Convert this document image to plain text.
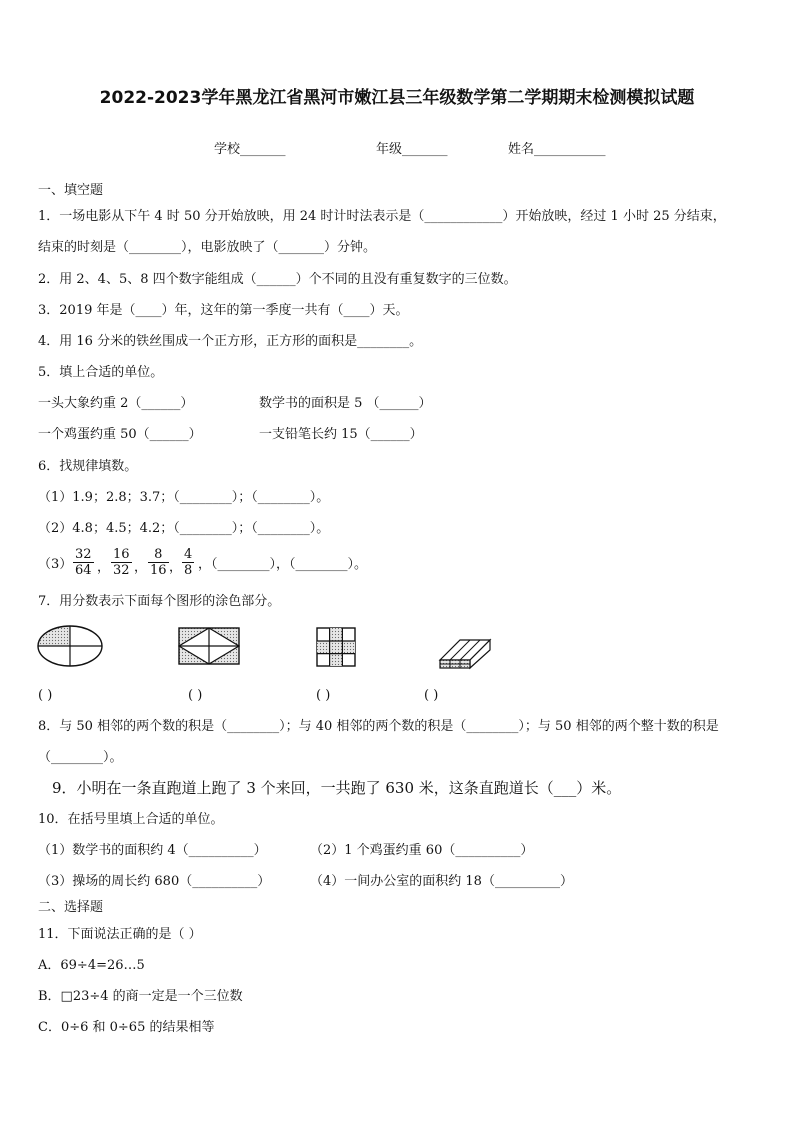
2022-2023学年黑龙江省黑河市嫩江县三年级数学第二学期期末检测模拟试题
学校_______	年级_______	姓名___________
一、填空题
1．一场电影从下午 4 时 50 分开始放映，用 24 时计时法表示是（____________）开始放映，经过 1 小时 25 分结束，
结束的时刻是（________），电影放映了（_______）分钟。
2．用 2、4、5、8 四个数字能组成（______）个不同的且没有重复数字的三位数。
3．2019 年是（____）年，这年的第一季度一共有（____）天。
4．用 16 分米的铁丝围成一个正方形，正方形的面积是________。
5．填上合适的单位。
一头大象约重 2（______）	数学书的面积是 5 （______）
一个鸡蛋约重 50（______）	一支铅笔长约 15（______）
6．找规律填数。
（1）1.9；2.8；3.7；（________）；（________）。
（2）4.8；4.5；4.2；（________）；（________）。
$(3) \frac{32}{64}$ ， $\frac{16}{32}$ ， $\frac{8}{16}$ ， $\frac{4}{8}$ ，（________），（________）。
7．用分数表示下面每个图形的涂色部分。
( )	( )	( )	( )
8．与 50 相邻的两个数的积是（________）；与 40 相邻的两个数的积是（________）；与 50 相邻的两个整十数的积是
（________）。
9．小明在一条直跑道上跑了 3 个来回，一共跑了 630 米，这条直跑道长（___）米。
10．在括号里填上合适的单位。
（1）数学书的面积约 4（__________）	（2）1 个鸡蛋约重 60（__________）
（3）操场的周长约 680（__________）	（4）一间办公室的面积约 18（__________）
二、选择题
11．下面说法正确的是（ ）
A．69÷4=26…5
B．□23÷4 的商一定是一个三位数
C．0÷6 和 0÷65 的结果相等
